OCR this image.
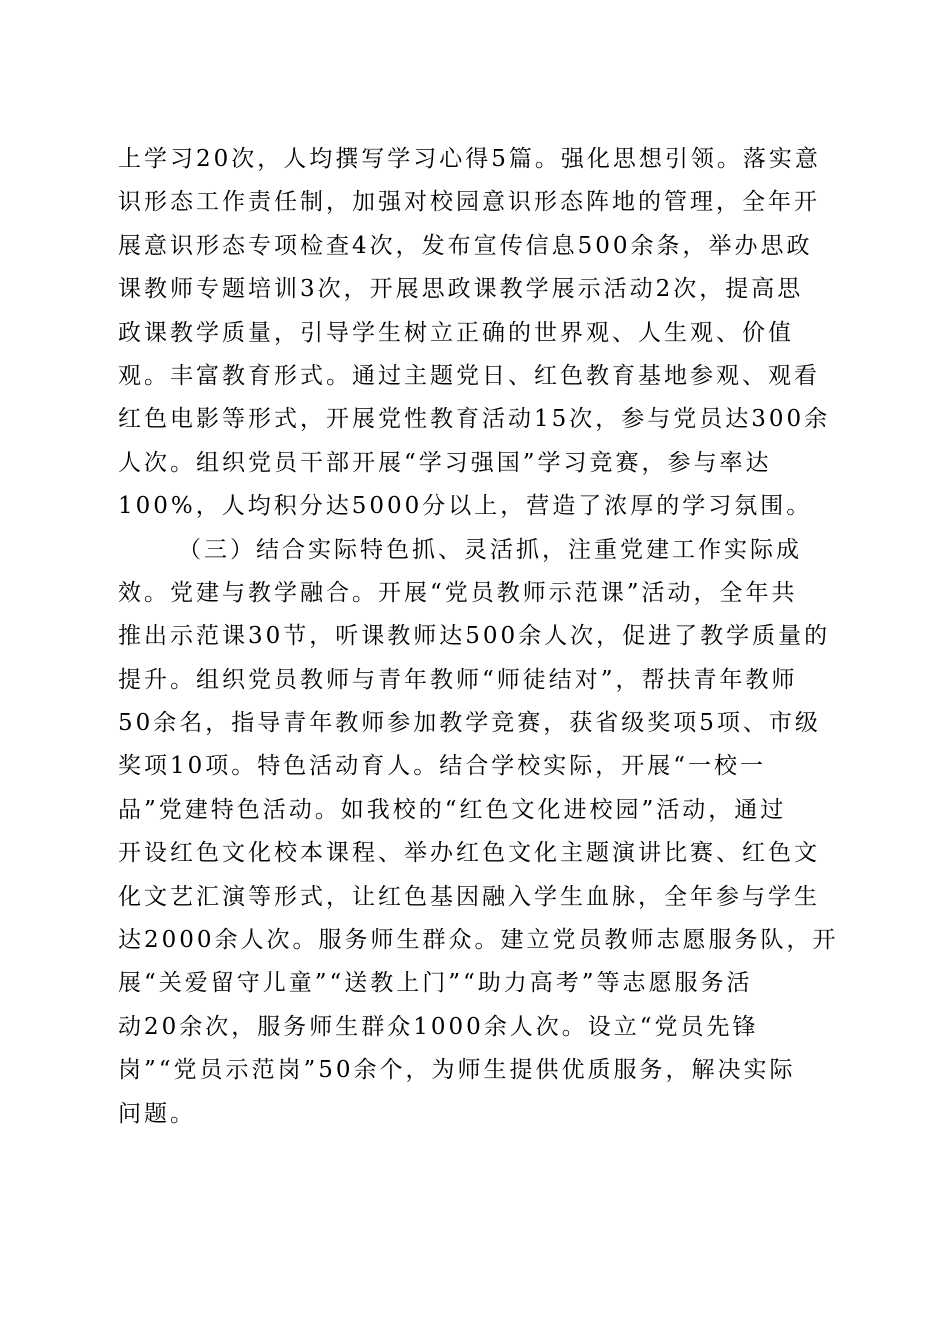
上学习20次，人均撰写学习心得5篇。强化思想引领。落实意
识形态工作责任制，加强对校园意识形态阵地的管理，全年开
展意识形态专项检查4次，发布宣传信息500余条，举办思政
课教师专题培训3次，开展思政课教学展示活动2次，提高思
政课教学质量，引导学生树立正确的世界观、人生观、价值
观。丰富教育形式。通过主题党日、红色教育基地参观、观看
红色电影等形式，开展党性教育活动15次，参与党员达300余
人次。组织党员干部开展“学习强国”学习竞赛，参与率达
100%，人均积分达5000分以上，营造了浓厚的学习氛围。
（三）结合实际特色抓、灵活抓，注重党建工作实际成
效。党建与教学融合。开展“党员教师示范课”活动，全年共
推出示范课30节，听课教师达500余人次，促进了教学质量的
提升。组织党员教师与青年教师“师徒结对”，帮扶青年教师
50余名，指导青年教师参加教学竞赛，获省级奖项5项、市级
奖项10项。特色活动育人。结合学校实际，开展“一校一
品”党建特色活动。如我校的“红色文化进校园”活动，通过
开设红色文化校本课程、举办红色文化主题演讲比赛、红色文
化文艺汇演等形式，让红色基因融入学生血脉，全年参与学生
达2000余人次。服务师生群众。建立党员教师志愿服务队，开
展“关爱留守儿童”“送教上门”“助力高考”等志愿服务活
动20余次，服务师生群众1000余人次。设立“党员先锋
岗”“党员示范岗”50余个，为师生提供优质服务，解决实际
问题。
